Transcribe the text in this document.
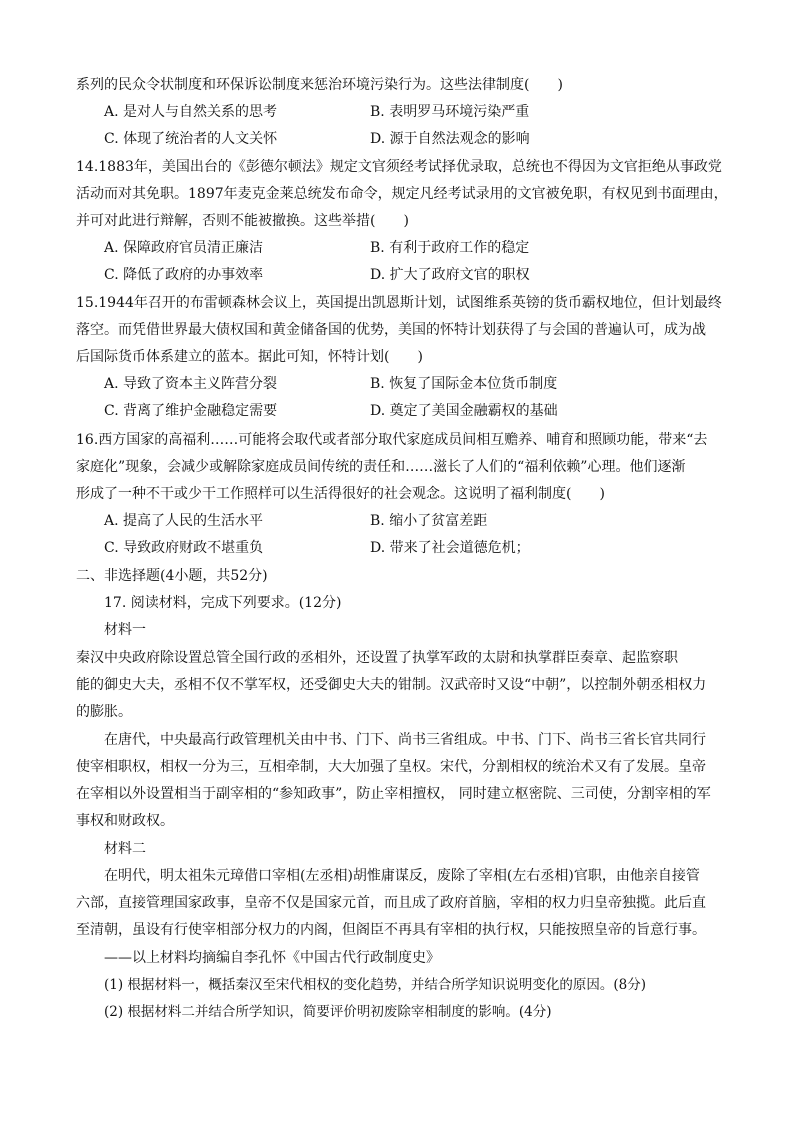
系列的民众令状制度和环保诉讼制度来惩治环境污染行为。这些法律制度(　　)
A. 是对人与自然关系的思考	B. 表明罗马环境污染严重
C. 体现了统治者的人文关怀	D. 源于自然法观念的影响
14.1883年，美国出台的《彭德尔顿法》规定文官须经考试择优录取，总统也不得因为文官拒绝从事政党
活动而对其免职。1897年麦克金莱总统发布命令，规定凡经考试录用的文官被免职，有权见到书面理由，
并可对此进行辩解，否则不能被撤换。这些举措(　　)
A. 保障政府官员清正廉洁	B. 有利于政府工作的稳定
C. 降低了政府的办事效率	D. 扩大了政府文官的职权
15.1944年召开的布雷顿森林会议上，英国提出凯恩斯计划，试图维系英镑的货币霸权地位，但计划最终
落空。而凭借世界最大债权国和黄金储备国的优势，美国的怀特计划获得了与会国的普遍认可，成为战
后国际货币体系建立的蓝本。据此可知，怀特计划(　　)
A. 导致了资本主义阵营分裂	B. 恢复了国际金本位货币制度
C. 背离了维护金融稳定需要	D. 奠定了美国金融霸权的基础
16.西方国家的高福利……可能将会取代或者部分取代家庭成员间相互赡养、哺育和照顾功能，带来“去
家庭化”现象，会减少或解除家庭成员间传统的责任和……滋长了人们的“福利依赖”心理。他们逐渐
形成了一种不干或少干工作照样可以生活得很好的社会观念。这说明了福利制度(　　)
A. 提高了人民的生活水平	B. 缩小了贫富差距
C. 导致政府财政不堪重负	D. 带来了社会道德危机；
二、非选择题(4小题，共52分)
17. 阅读材料，完成下列要求。(12分)
材料一
秦汉中央政府除设置总管全国行政的丞相外，还设置了执掌军政的太尉和执掌群臣奏章、起监察职
能的御史大夫，丞相不仅不掌军权，还受御史大夫的钳制。汉武帝时又设“中朝”，以控制外朝丞相权力
的膨胀。
在唐代，中央最高行政管理机关由中书、门下、尚书三省组成。中书、门下、尚书三省长官共同行
使宰相职权，相权一分为三，互相牵制，大大加强了皇权。宋代，分割相权的统治术又有了发展。皇帝
在宰相以外设置相当于副宰相的“参知政事”，防止宰相擅权， 同时建立枢密院、三司使，分割宰相的军
事权和财政权。
材料二
在明代，明太祖朱元璋借口宰相(左丞相)胡惟庸谋反，废除了宰相(左右丞相)官职，由他亲自接管
六部，直接管理国家政事，皇帝不仅是国家元首，而且成了政府首脑，宰相的权力归皇帝独揽。此后直
至清朝，虽设有行使宰相部分权力的内阁，但阁臣不再具有宰相的执行权，只能按照皇帝的旨意行事。
——以上材料均摘编自李孔怀《中国古代行政制度史》
(1) 根据材料一，概括秦汉至宋代相权的变化趋势，并结合所学知识说明变化的原因。(8分)
(2) 根据材料二并结合所学知识，简要评价明初废除宰相制度的影响。(4分)
